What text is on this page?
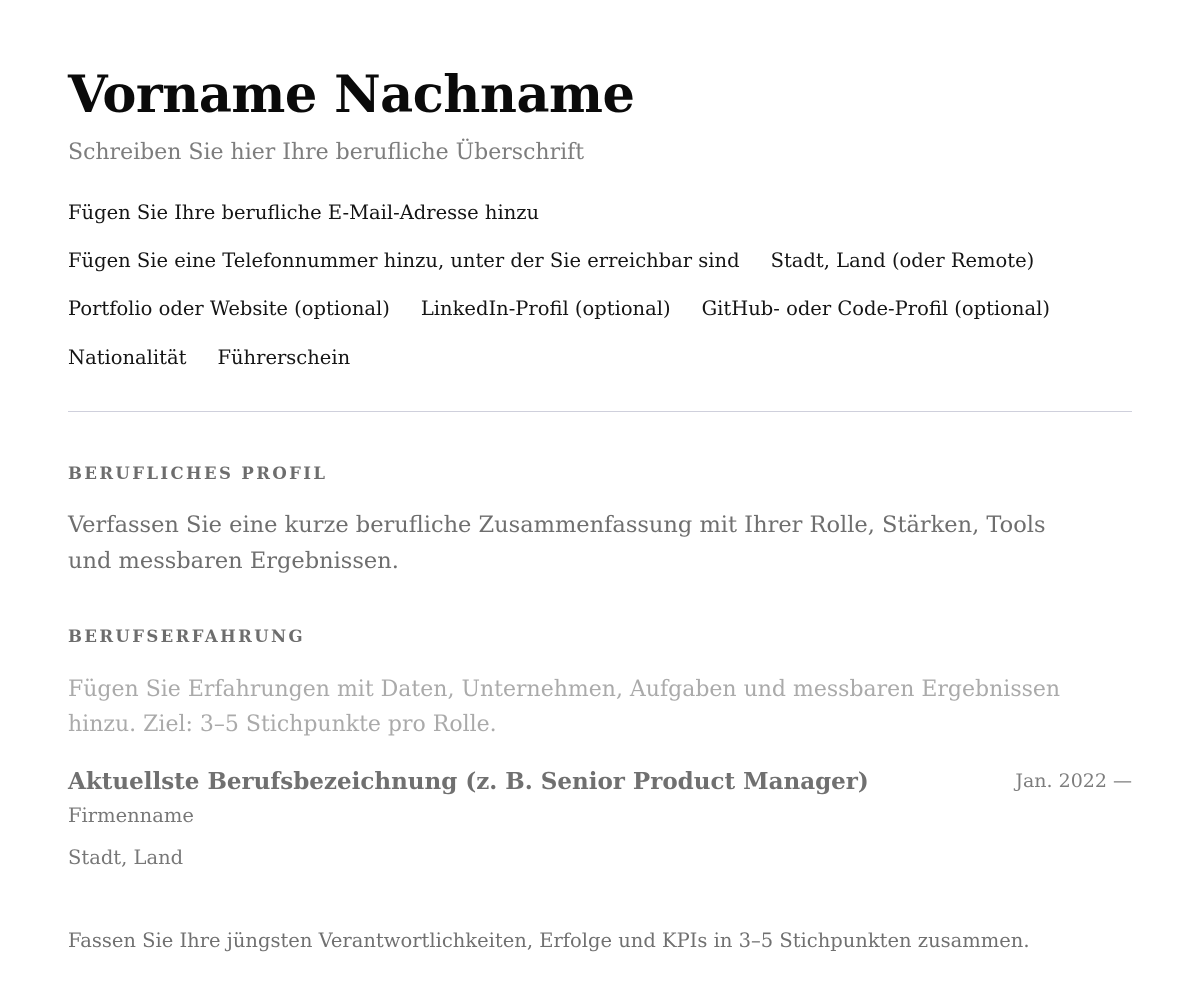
Vorname Nachname
Schreiben Sie hier Ihre berufliche Überschrift
Fügen Sie Ihre berufliche E-Mail-Adresse hinzu
Fügen Sie eine Telefonnummer hinzu, unter der Sie erreichbar sind Stadt, Land (oder Remote)
Portfolio oder Website (optional) LinkedIn-Profil (optional) GitHub- oder Code-Profil (optional)
Nationalität Führerschein
BERUFLICHES PROFIL
Verfassen Sie eine kurze berufliche Zusammenfassung mit Ihrer Rolle, Stärken, Tools und messbaren Ergebnissen.
BERUFSERFAHRUNG
Fügen Sie Erfahrungen mit Daten, Unternehmen, Aufgaben und messbaren Ergebnissen hinzu. Ziel: 3–5 Stichpunkte pro Rolle.
Aktuellste Berufsbezeichnung (z. B. Senior Product Manager)	Jan. 2022 —
Firmenname
Stadt, Land
Fassen Sie Ihre jüngsten Verantwortlichkeiten, Erfolge und KPIs in 3–5 Stichpunkten zusammen.
